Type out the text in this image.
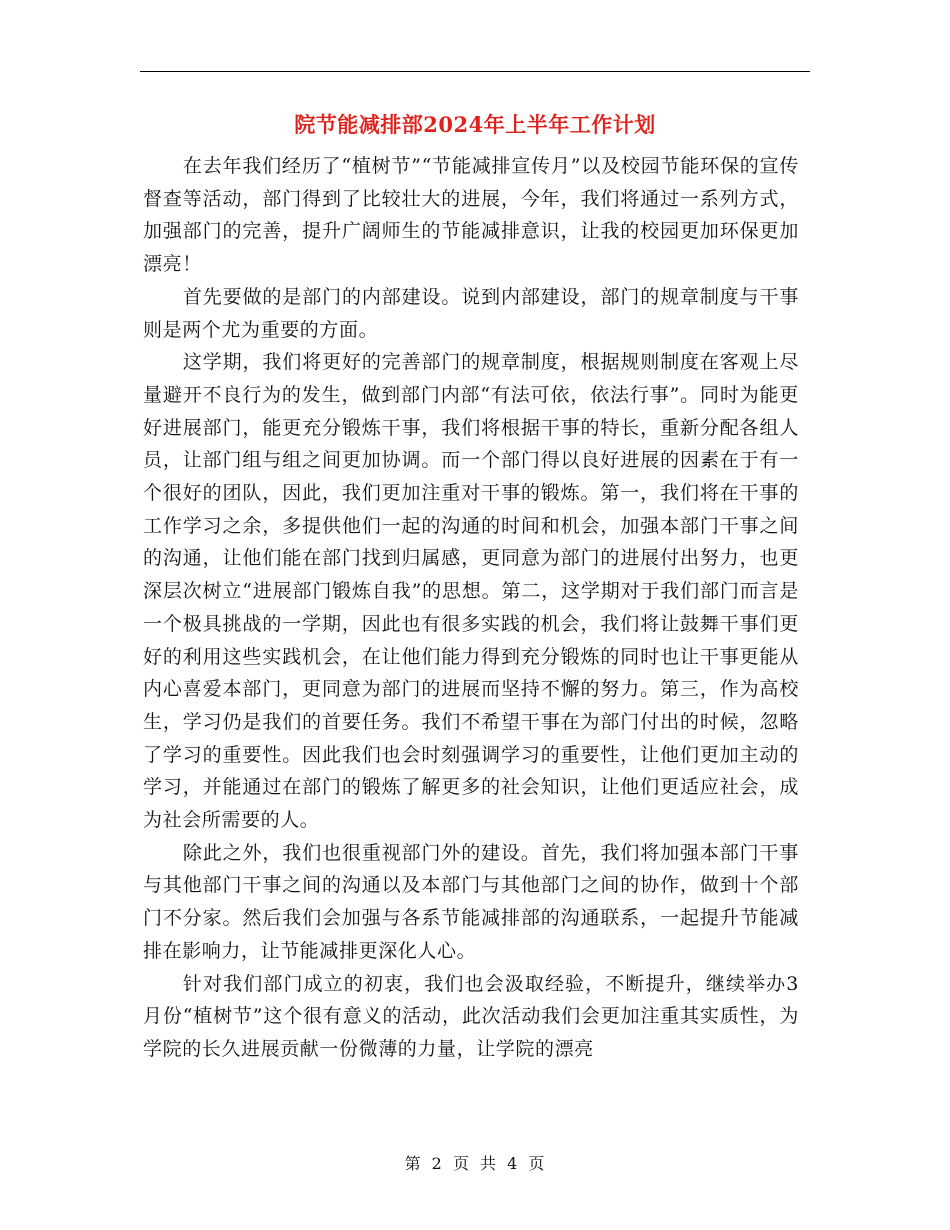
院节能减排部2024年上半年工作计划

在去年我们经历了“植树节”“节能减排宣传月”以及校园节能环保的宣传督查等活动，部门得到了比较壮大的进展，今年，我们将通过一系列方式，加强部门的完善，提升广阔师生的节能减排意识，让我的校园更加环保更加漂亮！

首先要做的是部门的内部建设。说到内部建设，部门的规章制度与干事则是两个尤为重要的方面。

这学期，我们将更好的完善部门的规章制度，根据规则制度在客观上尽量避开不良行为的发生，做到部门内部“有法可依，依法行事”。同时为能更好进展部门，能更充分锻炼干事，我们将根据干事的特长，重新分配各组人员，让部门组与组之间更加协调。而一个部门得以良好进展的因素在于有一个很好的团队，因此，我们更加注重对干事的锻炼。第一，我们将在干事的工作学习之余，多提供他们一起的沟通的时间和机会，加强本部门干事之间的沟通，让他们能在部门找到归属感，更同意为部门的进展付出努力，也更深层次树立“进展部门锻炼自我”的思想。第二，这学期对于我们部门而言是一个极具挑战的一学期，因此也有很多实践的机会，我们将让鼓舞干事们更好的利用这些实践机会，在让他们能力得到充分锻炼的同时也让干事更能从内心喜爱本部门，更同意为部门的进展而坚持不懈的努力。第三，作为高校生，学习仍是我们的首要任务。我们不希望干事在为部门付出的时候，忽略了学习的重要性。因此我们也会时刻强调学习的重要性，让他们更加主动的学习，并能通过在部门的锻炼了解更多的社会知识，让他们更适应社会，成为社会所需要的人。

除此之外，我们也很重视部门外的建设。首先，我们将加强本部门干事与其他部门干事之间的沟通以及本部门与其他部门之间的协作，做到十个部门不分家。然后我们会加强与各系节能减排部的沟通联系，一起提升节能减排在影响力，让节能减排更深化人心。

针对我们部门成立的初衷，我们也会汲取经验，不断提升，继续举办3月份“植树节”这个很有意义的活动，此次活动我们会更加注重其实质性，为学院的长久进展贡献一份微薄的力量，让学院的漂亮

第 2 页 共 4 页
